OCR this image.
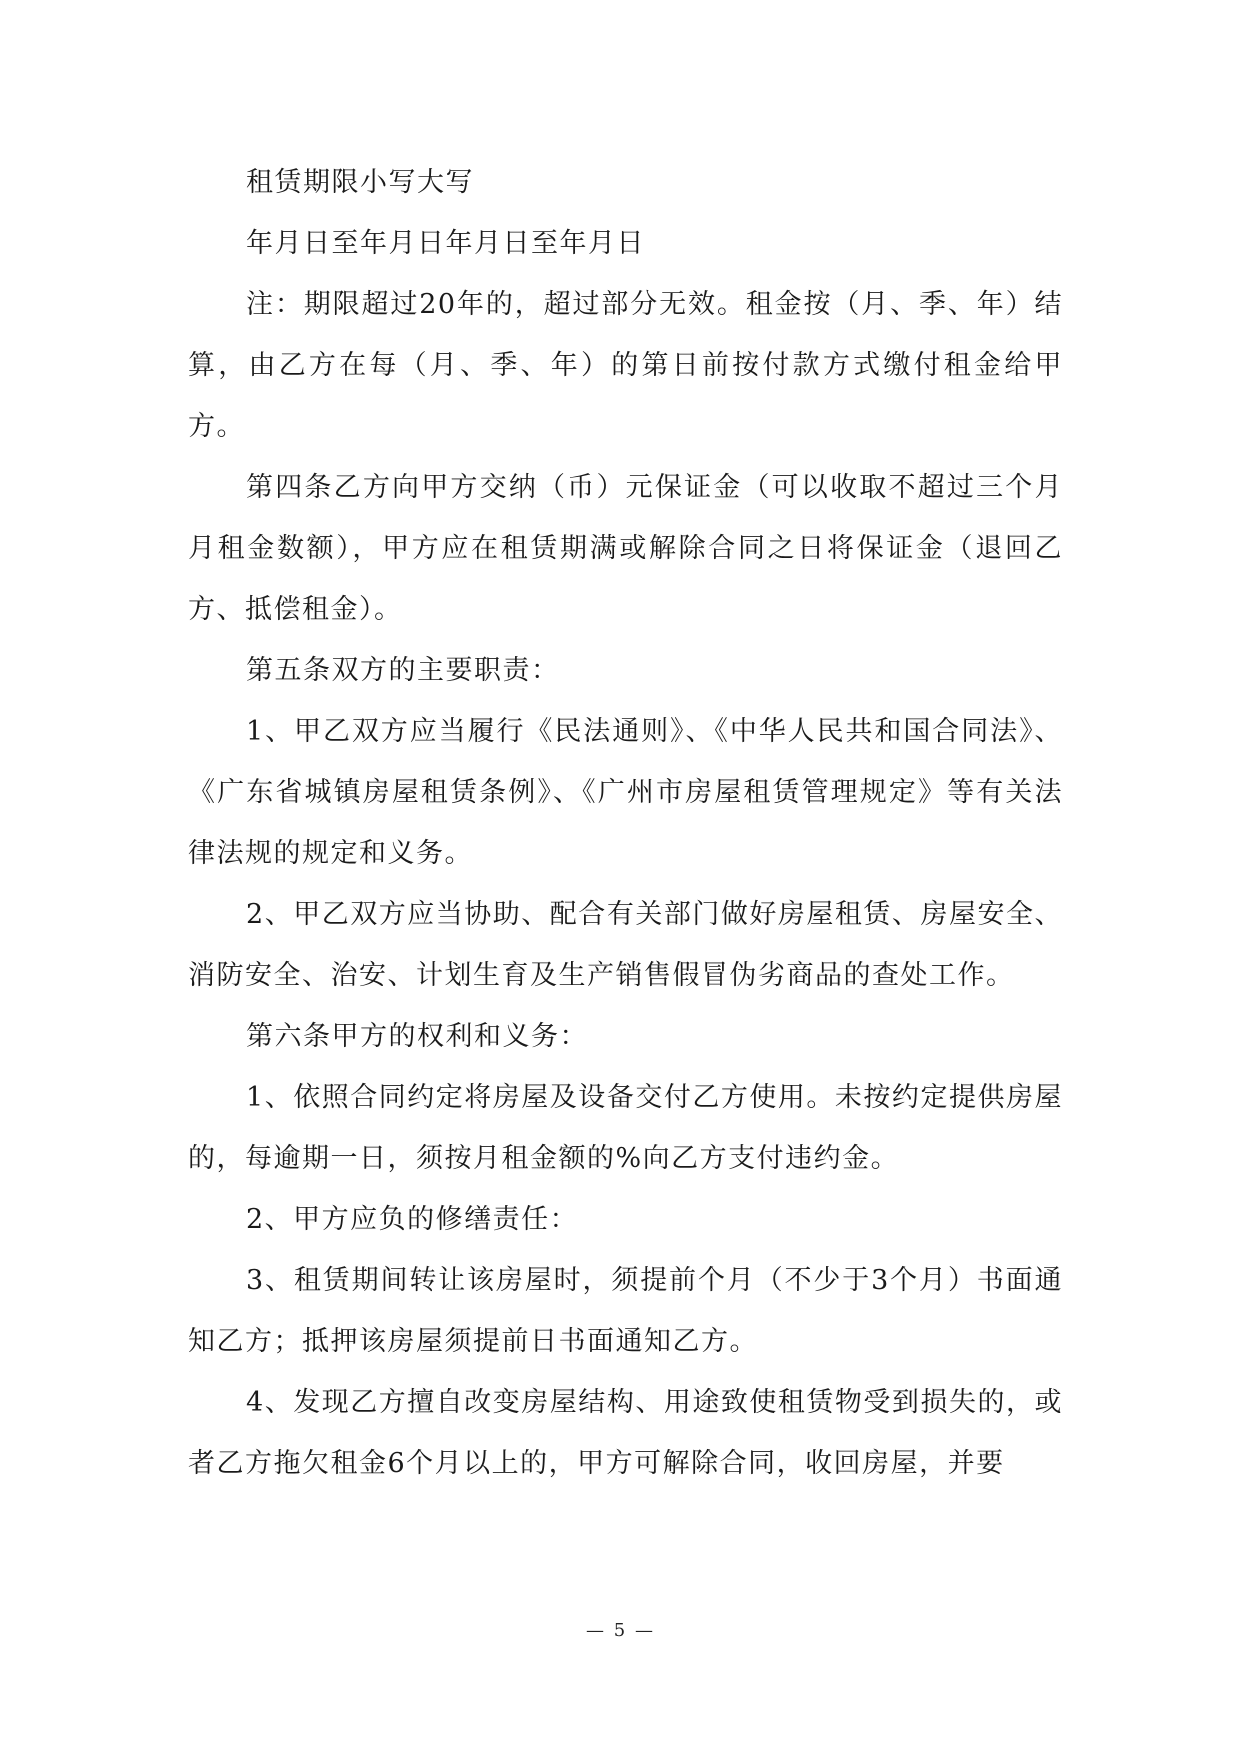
租赁期限小写大写

年月日至年月日年月日至年月日

注：期限超过20年的，超过部分无效。租金按（月、季、年）结算，由乙方在每（月、季、年）的第日前按付款方式缴付租金给甲方。

第四条乙方向甲方交纳（币）元保证金（可以收取不超过三个月月租金数额），甲方应在租赁期满或解除合同之日将保证金（退回乙方、抵偿租金）。

第五条双方的主要职责：

1、甲乙双方应当履行《民法通则》、《中华人民共和国合同法》、《广东省城镇房屋租赁条例》、《广州市房屋租赁管理规定》等有关法律法规的规定和义务。

2、甲乙双方应当协助、配合有关部门做好房屋租赁、房屋安全、消防安全、治安、计划生育及生产销售假冒伪劣商品的查处工作。

第六条甲方的权利和义务：

1、依照合同约定将房屋及设备交付乙方使用。未按约定提供房屋的，每逾期一日，须按月租金额的%向乙方支付违约金。

2、甲方应负的修缮责任：

3、租赁期间转让该房屋时，须提前个月（不少于3个月）书面通知乙方；抵押该房屋须提前日书面通知乙方。

4、发现乙方擅自改变房屋结构、用途致使租赁物受到损失的，或者乙方拖欠租金6个月以上的，甲方可解除合同，收回房屋，并要

— 5 —
